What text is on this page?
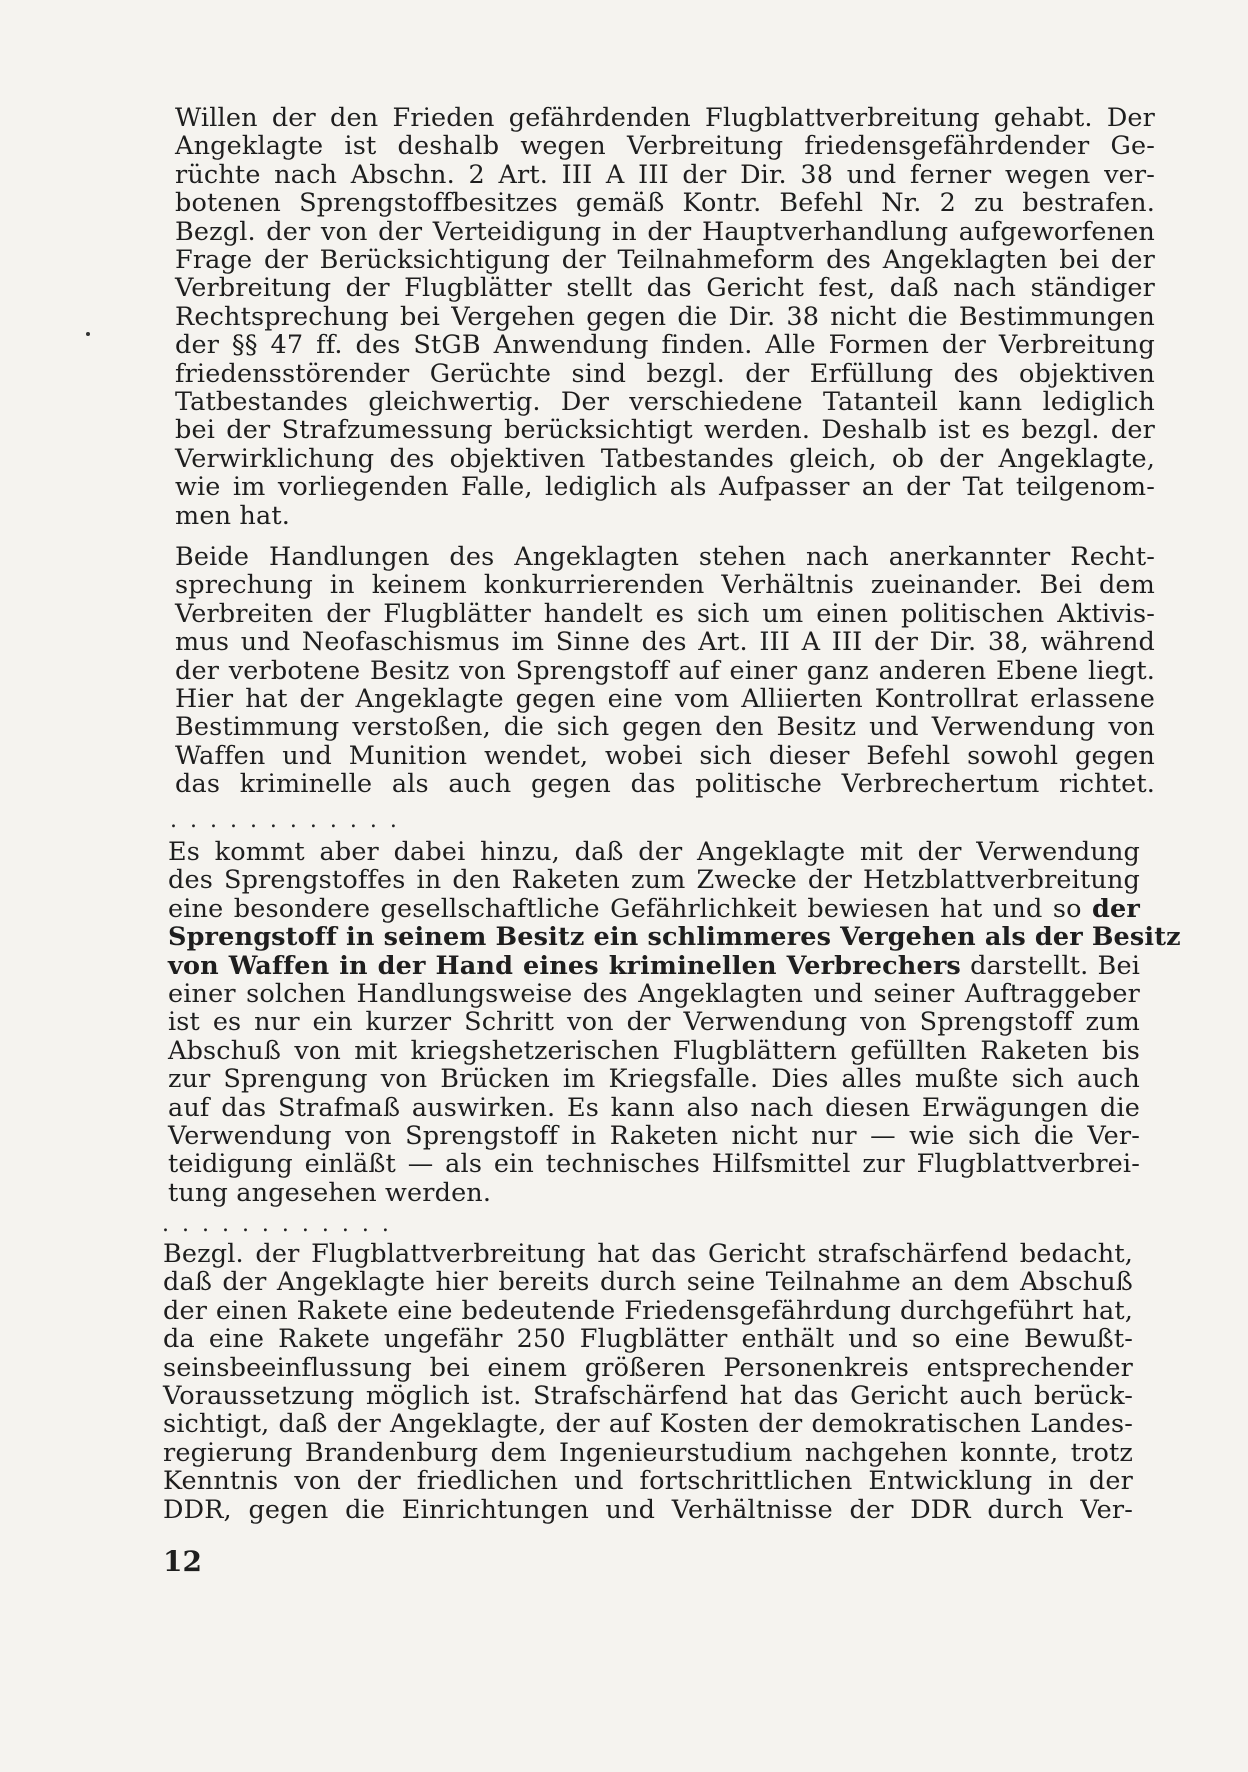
Willen der den Frieden gefährdenden Flugblattverbreitung gehabt. Der
Angeklagte ist deshalb wegen Verbreitung friedensgefährdender Ge-
rüchte nach Abschn. 2 Art. III A III der Dir. 38 und ferner wegen ver-
botenen Sprengstoffbesitzes gemäß Kontr. Befehl Nr. 2 zu bestrafen.
Bezgl. der von der Verteidigung in der Hauptverhandlung aufgeworfenen
Frage der Berücksichtigung der Teilnahmeform des Angeklagten bei der
Verbreitung der Flugblätter stellt das Gericht fest, daß nach ständiger
Rechtsprechung bei Vergehen gegen die Dir. 38 nicht die Bestimmungen
der §§ 47 ff. des StGB Anwendung finden. Alle Formen der Verbreitung
friedensstörender Gerüchte sind bezgl. der Erfüllung des objektiven
Tatbestandes gleichwertig. Der verschiedene Tatanteil kann lediglich
bei der Strafzumessung berücksichtigt werden. Deshalb ist es bezgl. der
Verwirklichung des objektiven Tatbestandes gleich, ob der Angeklagte,
wie im vorliegenden Falle, lediglich als Aufpasser an der Tat teilgenom-
men hat.
Beide Handlungen des Angeklagten stehen nach anerkannter Recht-
sprechung in keinem konkurrierenden Verhältnis zueinander. Bei dem
Verbreiten der Flugblätter handelt es sich um einen politischen Aktivis-
mus und Neofaschismus im Sinne des Art. III A III der Dir. 38, während
der verbotene Besitz von Sprengstoff auf einer ganz anderen Ebene liegt.
Hier hat der Angeklagte gegen eine vom Alliierten Kontrollrat erlassene
Bestimmung verstoßen, die sich gegen den Besitz und Verwendung von
Waffen und Munition wendet, wobei sich dieser Befehl sowohl gegen
das kriminelle als auch gegen das politische Verbrechertum richtet.
. . . . . . . . . . . .
Es kommt aber dabei hinzu, daß der Angeklagte mit der Verwendung
des Sprengstoffes in den Raketen zum Zwecke der Hetzblattverbreitung
eine besondere gesellschaftliche Gefährlichkeit bewiesen hat und so der
Sprengstoff in seinem Besitz ein schlimmeres Vergehen als der Besitz
von Waffen in der Hand eines kriminellen Verbrechers darstellt. Bei
einer solchen Handlungsweise des Angeklagten und seiner Auftraggeber
ist es nur ein kurzer Schritt von der Verwendung von Sprengstoff zum
Abschuß von mit kriegshetzerischen Flugblättern gefüllten Raketen bis
zur Sprengung von Brücken im Kriegsfalle. Dies alles mußte sich auch
auf das Strafmaß auswirken. Es kann also nach diesen Erwägungen die
Verwendung von Sprengstoff in Raketen nicht nur — wie sich die Ver-
teidigung einläßt — als ein technisches Hilfsmittel zur Flugblattverbrei-
tung angesehen werden.
. . . . . . . . . . . .
Bezgl. der Flugblattverbreitung hat das Gericht strafschärfend bedacht,
daß der Angeklagte hier bereits durch seine Teilnahme an dem Abschuß
der einen Rakete eine bedeutende Friedensgefährdung durchgeführt hat,
da eine Rakete ungefähr 250 Flugblätter enthält und so eine Bewußt-
seinsbeeinflussung bei einem größeren Personenkreis entsprechender
Voraussetzung möglich ist. Strafschärfend hat das Gericht auch berück-
sichtigt, daß der Angeklagte, der auf Kosten der demokratischen Landes-
regierung Brandenburg dem Ingenieurstudium nachgehen konnte, trotz
Kenntnis von der friedlichen und fortschrittlichen Entwicklung in der
DDR, gegen die Einrichtungen und Verhältnisse der DDR durch Ver-
12
